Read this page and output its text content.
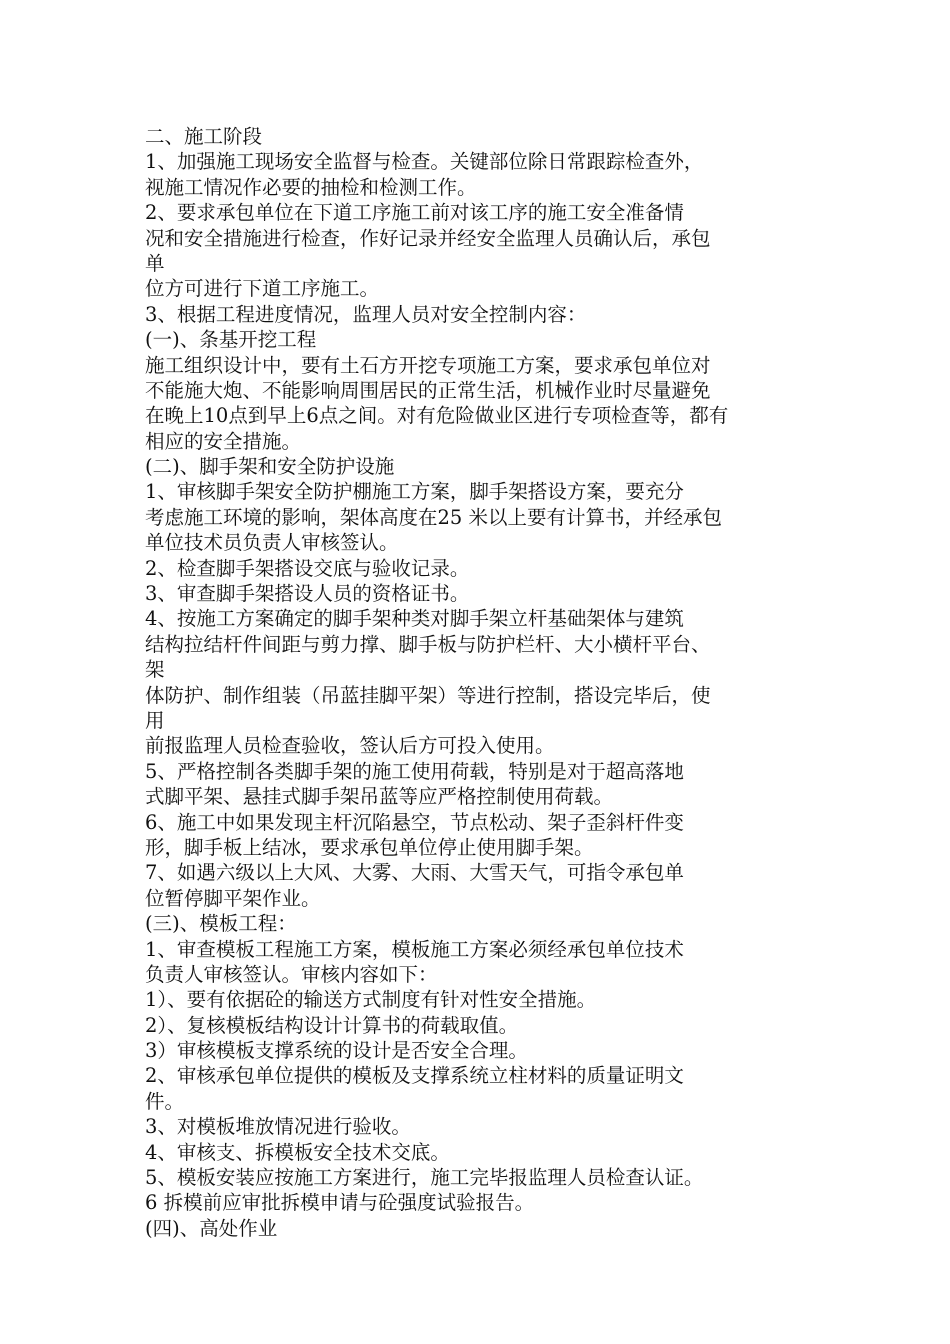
二、施工阶段
1、加强施工现场安全监督与检查。关键部位除日常跟踪检查外，
视施工情况作必要的抽检和检测工作。
2、要求承包单位在下道工序施工前对该工序的施工安全准备情
况和安全措施进行检查，作好记录并经安全监理人员确认后，承包
单
位方可进行下道工序施工。
3、根据工程进度情况，监理人员对安全控制内容：
(一)、条基开挖工程
施工组织设计中，要有土石方开挖专项施工方案，要求承包单位对
不能施大炮、不能影响周围居民的正常生活，机械作业时尽量避免
在晚上10点到早上6点之间。对有危险做业区进行专项检查等，都有
相应的安全措施。
(二)、脚手架和安全防护设施
1、审核脚手架安全防护棚施工方案，脚手架搭设方案，要充分
考虑施工环境的影响，架体高度在25 米以上要有计算书，并经承包
单位技术员负责人审核签认。
2、检查脚手架搭设交底与验收记录。
3、审查脚手架搭设人员的资格证书。
4、按施工方案确定的脚手架种类对脚手架立杆基础架体与建筑
结构拉结杆件间距与剪力撑、脚手板与防护栏杆、大小横杆平台、
架
体防护、制作组装（吊蓝挂脚平架）等进行控制，搭设完毕后，使
用
前报监理人员检查验收，签认后方可投入使用。
5、严格控制各类脚手架的施工使用荷载，特别是对于超高落地
式脚平架、悬挂式脚手架吊蓝等应严格控制使用荷载。
6、施工中如果发现主杆沉陷悬空，节点松动、架子歪斜杆件变
形，脚手板上结冰，要求承包单位停止使用脚手架。
7、如遇六级以上大风、大雾、大雨、大雪天气，可指令承包单
位暂停脚平架作业。
(三)、模板工程：
1、审查模板工程施工方案，模板施工方案必须经承包单位技术
负责人审核签认。审核内容如下：
1）、要有依据砼的输送方式制度有针对性安全措施。
2）、复核模板结构设计计算书的荷载取值。
3）审核模板支撑系统的设计是否安全合理。
2、审核承包单位提供的模板及支撑系统立柱材料的质量证明文
件。
3、对模板堆放情况进行验收。
4、审核支、拆模板安全技术交底。
5、模板安装应按施工方案进行，施工完毕报监理人员检查认证。
6 拆模前应审批拆模申请与砼强度试验报告。
(四)、高处作业
